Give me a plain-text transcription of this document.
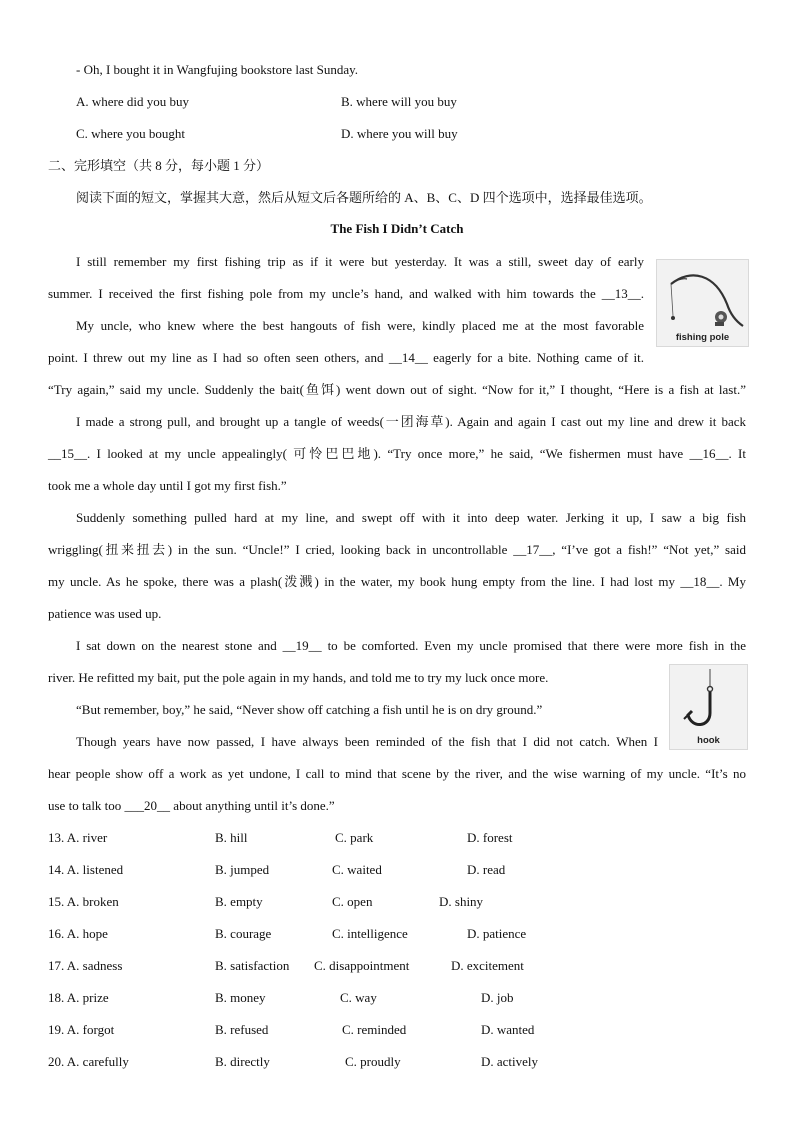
- Oh, I bought it in Wangfujing bookstore last Sunday.
A. where did you buy	B. where will you buy
C. where you bought	D. where you will buy
二、完形填空（共 8 分，每小题 1 分）
阅读下面的短文，掌握其大意，然后从短文后各题所给的 A、B、C、D 四个选项中，选择最佳选项。
The Fish I Didn’t Catch
I still remember my first fishing trip as if it were but yesterday. It was a still, sweet day of early
summer. I received the first fishing pole from my uncle’s hand, and walked with him towards the __13__.
My uncle, who knew where the best hangouts of fish were, kindly placed me at the most favorable
point. I threw out my line as I had so often seen others, and __14__ eagerly for a bite. Nothing came of it.
“Try again,” said my uncle. Suddenly the bait(鱼饵) went down out of sight. “Now for it,” I thought, “Here is a fish at last.”
I made a strong pull, and brought up a tangle of weeds(一团海草). Again and again I cast out my line and drew it back
__15__. I looked at my uncle appealingly( 可怜巴巴地). “Try once more,” he said, “We fishermen must have __16__. It
took me a whole day until I got my first fish.”
Suddenly something pulled hard at my line, and swept off with it into deep water. Jerking it up, I saw a big fish
wriggling(扭来扭去) in the sun. “Uncle!” I cried, looking back in uncontrollable __17__, “I’ve got a fish!” “Not yet,” said
my uncle. As he spoke, there was a plash(泼溅) in the water, my book hung empty from the line. I had lost my __18__. My
patience was used up.
I sat down on the nearest stone and __19__ to be comforted. Even my uncle promised that there were more fish in the
river. He refitted my bait, put the pole again in my hands, and told me to try my luck once more.
“But remember, boy,” he said, “Never show off catching a fish until he is on dry ground.”
Though years have now passed, I have always been reminded of the fish that I did not catch. When I
hear people show off a work as yet undone, I call to mind that scene by the river, and the wise warning of my uncle. “It’s no
use to talk too ___20__ about anything until it’s done.”
fishing pole
hook
13. A. river	B. hill	C. park	D. forest
14. A. listened	B. jumped	C. waited	D. read
15. A. broken	B. empty	C. open	D. shiny
16. A. hope	B. courage	C. intelligence	D. patience
17. A. sadness	B. satisfaction C. disappointment	D. excitement
18. A. prize	B. money	C. way	D. job
19. A. forgot	B. refused	C. reminded	D. wanted
20. A. carefully	B. directly	C. proudly	D. actively
